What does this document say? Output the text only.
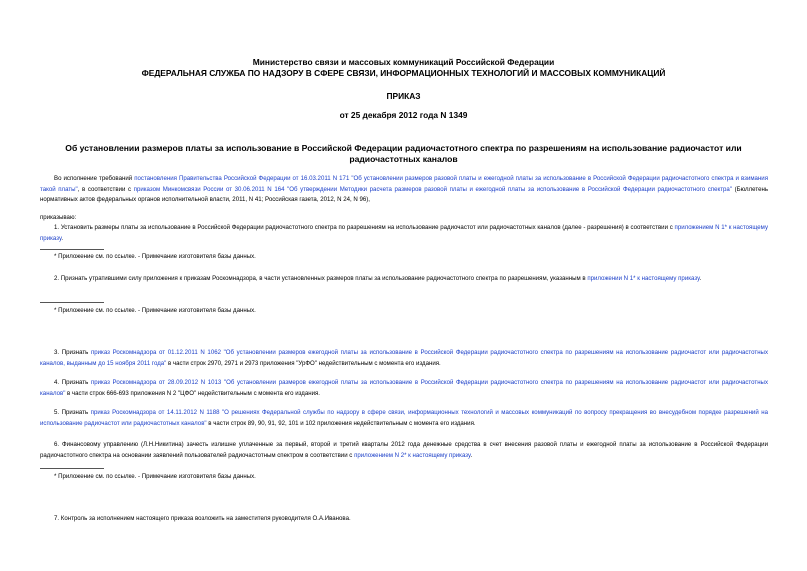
Министерство связи и массовых коммуникаций Российской Федерации
ФЕДЕРАЛЬНАЯ СЛУЖБА ПО НАДЗОРУ В СФЕРЕ СВЯЗИ, ИНФОРМАЦИОННЫХ ТЕХНОЛОГИЙ И МАССОВЫХ КОММУНИКАЦИЙ
ПРИКАЗ
от 25 декабря 2012 года N 1349
Об установлении размеров платы за использование в Российской Федерации радиочастотного спектра по разрешениям на использование радиочастот или
радиочастотных каналов
Во исполнение требований постановления Правительства Российской Федерации от 16.03.2011 N 171 "Об установлении размеров разовой платы и ежегодной платы за использование в Российской Федерации радиочастотного спектра и взимания такой платы", в соответствии с приказом Минкомсвязи России от 30.06.2011 N 164 "Об утверждении Методики расчета размеров разовой платы и ежегодной платы за использование в Российской Федерации радиочастотного спектра" (Бюллетень нормативных актов федеральных органов исполнительной власти, 2011, N 41; Российская газета, 2012, N 24, N 96),
приказываю:
1. Установить размеры платы за использование в Российской Федерации радиочастотного спектра по разрешениям на использование радиочастот или радиочастотных каналов (далее - разрешения) в соответствии с приложением N 1* к настоящему приказу.
* Приложение см. по ссылке. - Примечание изготовителя базы данных.
2. Признать утратившими силу приложения к приказам Роскомнадзора, в части установленных размеров платы за использование радиочастотного спектра по разрешениям, указанным в приложении N 1* к настоящему приказу.
* Приложение см. по ссылке. - Примечание изготовителя базы данных.
3. Признать приказ Роскомнадзора от 01.12.2011 N 1062 "Об установлении размеров ежегодной платы за использование в Российской Федерации радиочастотного спектра по разрешениям на использование радиочастот или радиочастотных каналов, выданным до 15 ноября 2011 года" в части строк 2970, 2971 и 2973 приложения "УрФО" недействительным с момента его издания.
4. Признать приказ Роскомнадзора от 28.09.2012 N 1013 "Об установлении размеров ежегодной платы за использование в Российской Федерации радиочастотного спектра по разрешениям на использование радиочастот или радиочастотных каналов" в части строк 666-693 приложения N 2 "ЦФО" недействительным с момента его издания.
5. Признать приказ Роскомнадзора от 14.11.2012 N 1188 "О решениях Федеральной службы по надзору в сфере связи, информационных технологий и массовых коммуникаций по вопросу прекращения во внесудебном порядке разрешений на использование радиочастот или радиочастотных каналов" в части строк 89, 90, 91, 92, 101 и 102 приложения недействительным с момента его издания.
6. Финансовому управлению (Л.Н.Никитина) зачесть излишне уплаченные за первый, второй и третий кварталы 2012 года денежные средства в счет внесения разовой платы и ежегодной платы за использование в Российской Федерации радиочастотного спектра на основании заявлений пользователей радиочастотным спектром в соответствии с приложением N 2* к настоящему приказу.
* Приложение см. по ссылке. - Примечание изготовителя базы данных.
7. Контроль за исполнением настоящего приказа возложить на заместителя руководителя О.А.Иванова.
